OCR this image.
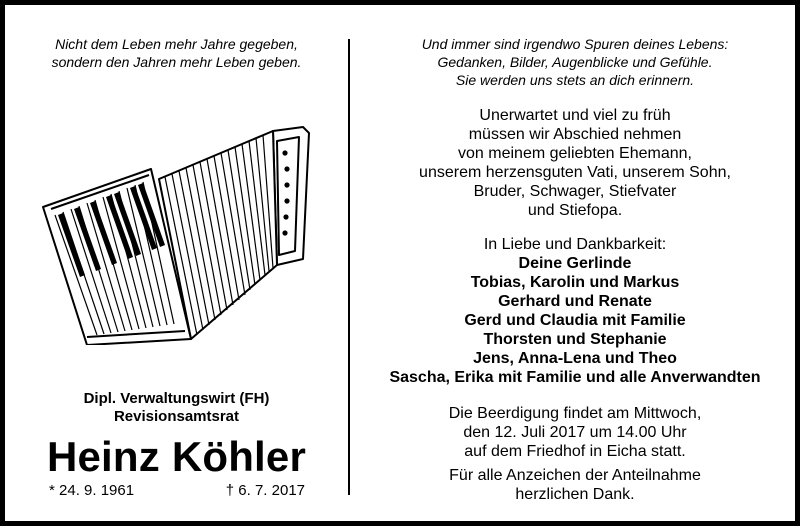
Nicht dem Leben mehr Jahre gegeben,
sondern den Jahren mehr Leben geben.
Dipl. Verwaltungswirt (FH)
Revisionsamtsrat
Heinz Köhler
* 24. 9. 1961	† 6. 7. 2017
Und immer sind irgendwo Spuren deines Lebens:
Gedanken, Bilder, Augenblicke und Gefühle.
Sie werden uns stets an dich erinnern.
Unerwartet und viel zu früh
müssen wir Abschied nehmen
von meinem geliebten Ehemann,
unserem herzensguten Vati, unserem Sohn,
Bruder, Schwager, Stiefvater
und Stiefopa.
In Liebe und Dankbarkeit:
Deine Gerlinde
Tobias, Karolin und Markus
Gerhard und Renate
Gerd und Claudia mit Familie
Thorsten und Stephanie
Jens, Anna-Lena und Theo
Sascha, Erika mit Familie und alle Anverwandten
Die Beerdigung findet am Mittwoch,
den 12. Juli 2017 um 14.00 Uhr
auf dem Friedhof in Eicha statt.
Für alle Anzeichen der Anteilnahme
herzlichen Dank.
